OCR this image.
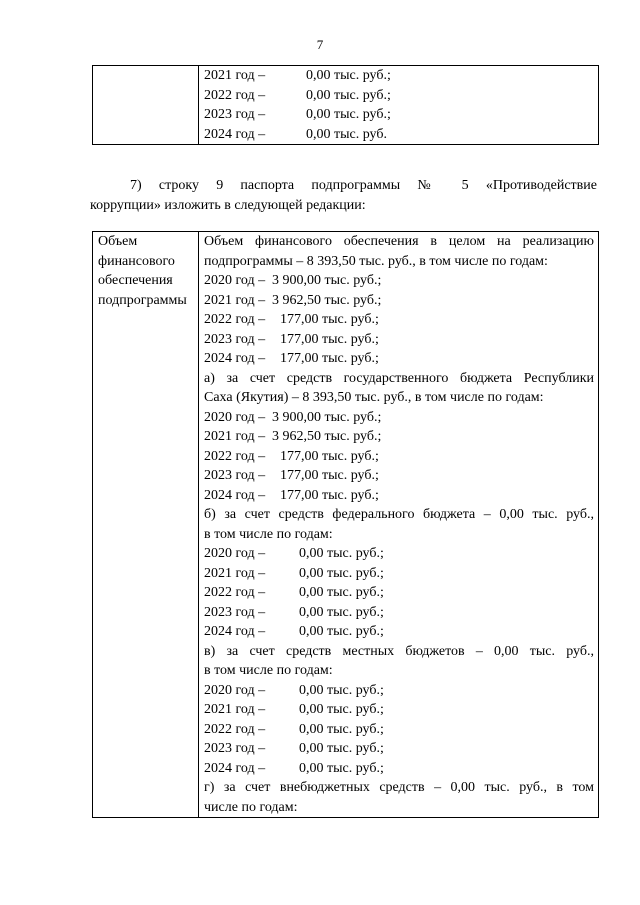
7

2021 год –	0,00 тыс. руб.;
2022 год –	0,00 тыс. руб.;
2023 год –	0,00 тыс. руб.;
2024 год –	0,00 тыс. руб.
7) строку 9 паспорта подпрограммы № 5 «Противодействие
коррупции» изложить в следующей редакции:
Объем финансового обеспечения подпрограммы

Объем финансового обеспечения в целом на реализацию
подпрограммы – 8 393,50 тыс. руб., в том числе по годам:
2020 год – 3 900,00 тыс. руб.;
2021 год – 3 962,50 тыс. руб.;
2022 год – 177,00 тыс. руб.;
2023 год – 177,00 тыс. руб.;
2024 год – 177,00 тыс. руб.;
а) за счет средств государственного бюджета Республики
Саха (Якутия) – 8 393,50 тыс. руб., в том числе по годам:
2020 год – 3 900,00 тыс. руб.;
2021 год – 3 962,50 тыс. руб.;
2022 год – 177,00 тыс. руб.;
2023 год – 177,00 тыс. руб.;
2024 год – 177,00 тыс. руб.;
б) за счет средств федерального бюджета – 0,00 тыс. руб.,
в том числе по годам:
2020 год – 0,00 тыс. руб.;
2021 год – 0,00 тыс. руб.;
2022 год – 0,00 тыс. руб.;
2023 год – 0,00 тыс. руб.;
2024 год – 0,00 тыс. руб.;
в) за счет средств местных бюджетов – 0,00 тыс. руб.,
в том числе по годам:
2020 год – 0,00 тыс. руб.;
2021 год – 0,00 тыс. руб.;
2022 год – 0,00 тыс. руб.;
2023 год – 0,00 тыс. руб.;
2024 год – 0,00 тыс. руб.;
г) за счет внебюджетных средств – 0,00 тыс. руб., в том
числе по годам:
